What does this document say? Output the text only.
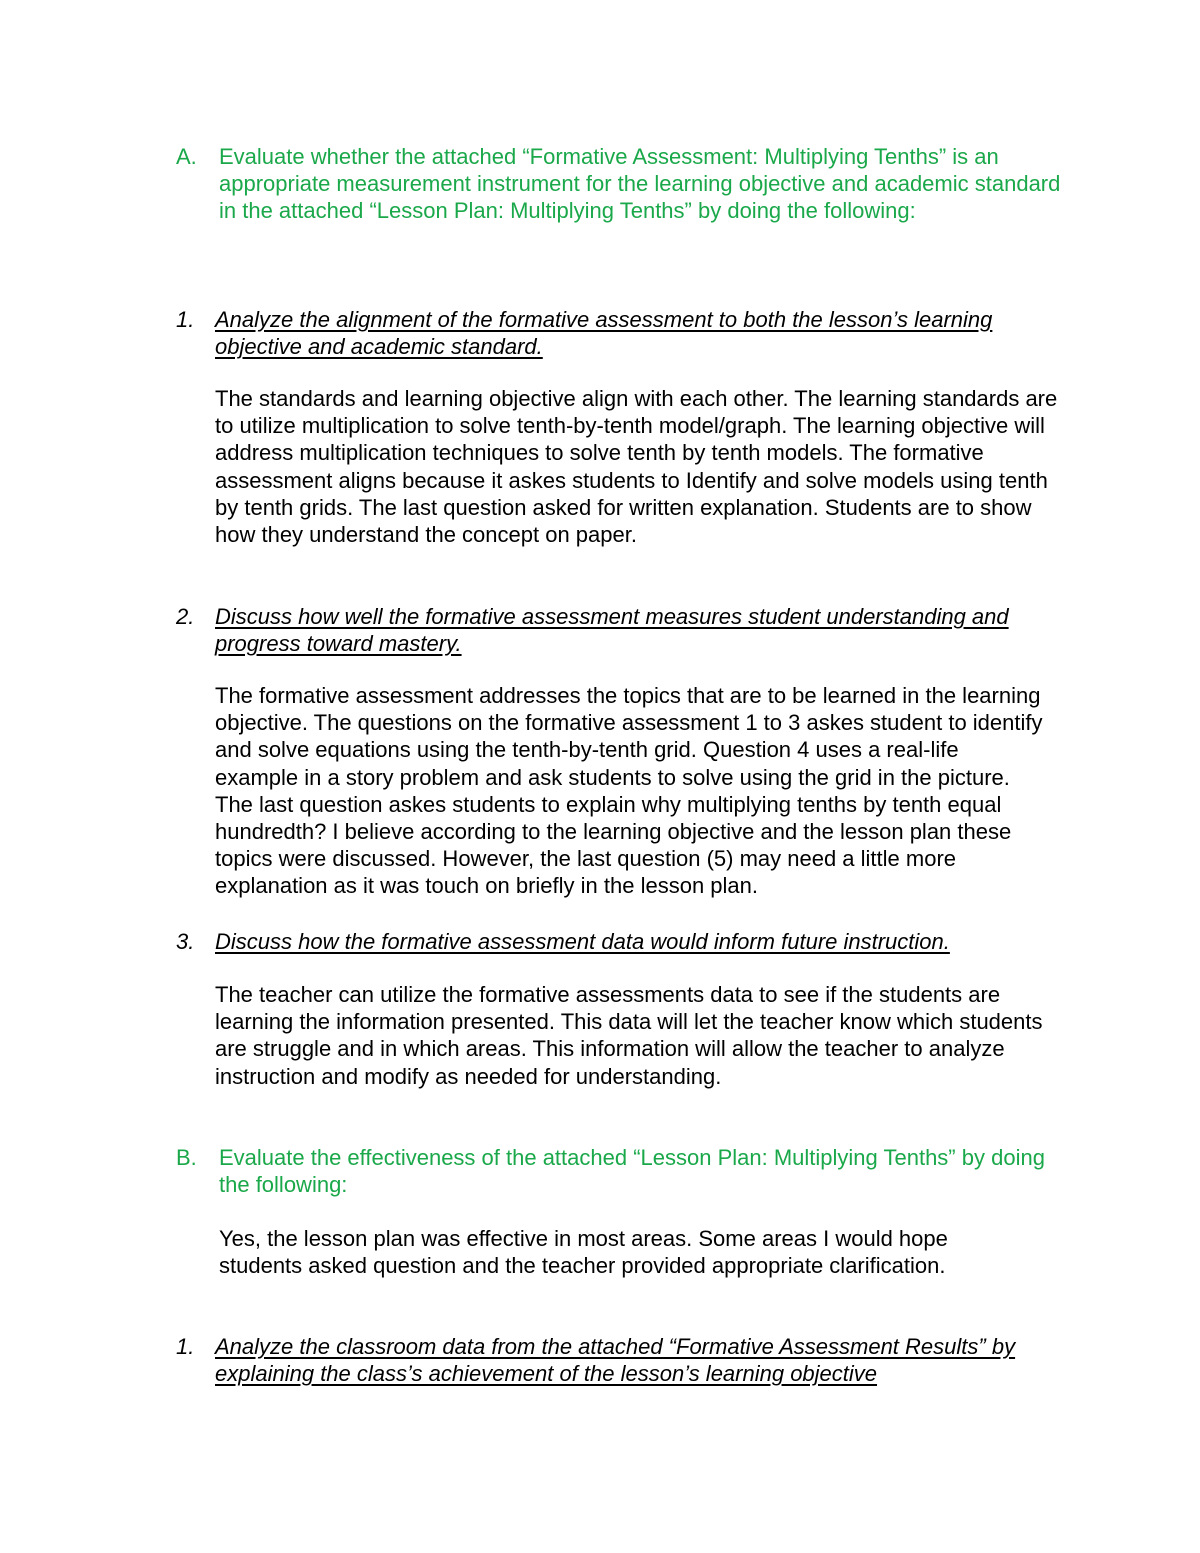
A. Evaluate whether the attached “Formative Assessment: Multiplying Tenths” is an appropriate measurement instrument for the learning objective and academic standard in the attached “Lesson Plan: Multiplying Tenths” by doing the following:
1. Analyze the alignment of the formative assessment to both the lesson’s learning objective and academic standard.
The standards and learning objective align with each other. The learning standards are to utilize multiplication to solve tenth-by-tenth model/graph. The learning objective will address multiplication techniques to solve tenth by tenth models. The formative assessment aligns because it askes students to Identify and solve models using tenth by tenth grids. The last question asked for written explanation. Students are to show how they understand the concept on paper.
2. Discuss how well the formative assessment measures student understanding and progress toward mastery.
The formative assessment addresses the topics that are to be learned in the learning objective. The questions on the formative assessment 1 to 3 askes student to identify and solve equations using the tenth-by-tenth grid. Question 4 uses a real-life example in a story problem and ask students to solve using the grid in the picture. The last question askes students to explain why multiplying tenths by tenth equal hundredth? I believe according to the learning objective and the lesson plan these topics were discussed. However, the last question (5) may need a little more explanation as it was touch on briefly in the lesson plan.
3. Discuss how the formative assessment data would inform future instruction.
The teacher can utilize the formative assessments data to see if the students are learning the information presented. This data will let the teacher know which students are struggle and in which areas. This information will allow the teacher to analyze instruction and modify as needed for understanding.
B. Evaluate the effectiveness of the attached “Lesson Plan: Multiplying Tenths” by doing the following:
Yes, the lesson plan was effective in most areas. Some areas I would hope students asked question and the teacher provided appropriate clarification.
1. Analyze the classroom data from the attached “Formative Assessment Results” by explaining the class’s achievement of the lesson’s learning objective
